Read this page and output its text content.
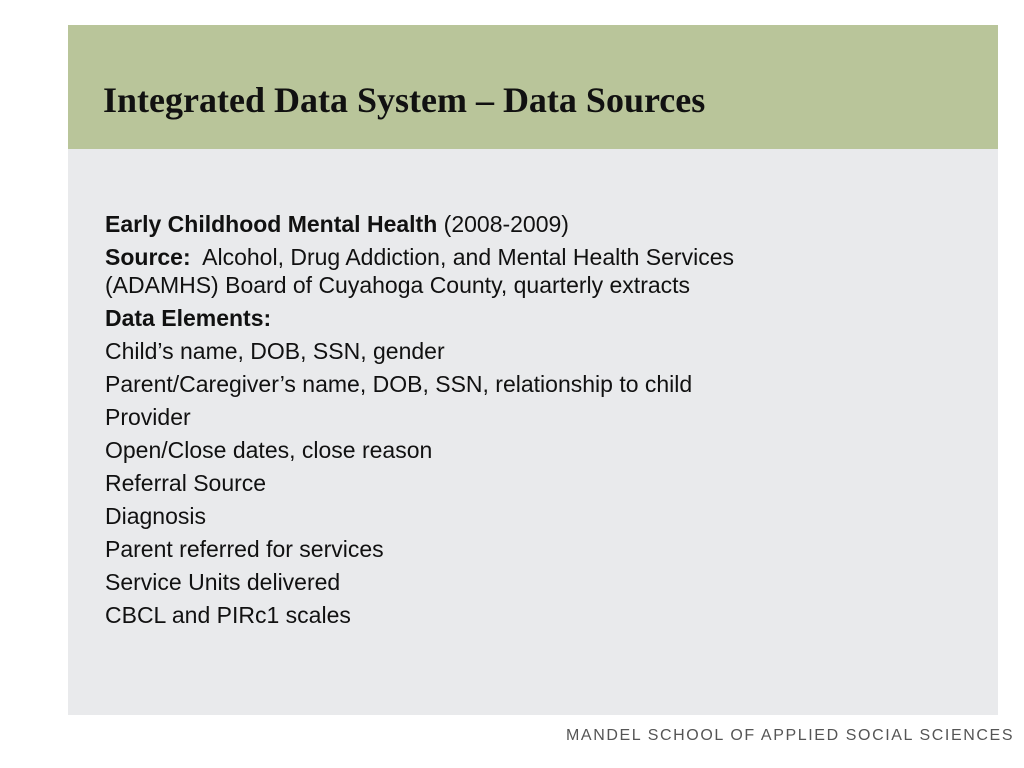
Integrated Data System – Data Sources

Early Childhood Mental Health (2008-2009)

Source:  Alcohol, Drug Addiction, and Mental Health Services (ADAMHS) Board of Cuyahoga County, quarterly extracts

Data Elements:

Child’s name, DOB, SSN, gender

Parent/Caregiver’s name, DOB, SSN, relationship to child

Provider

Open/Close dates, close reason

Referral Source

Diagnosis

Parent referred for services

Service Units delivered

CBCL and PIRc1 scales

MANDEL SCHOOL OF APPLIED SOCIAL SCIENCES
